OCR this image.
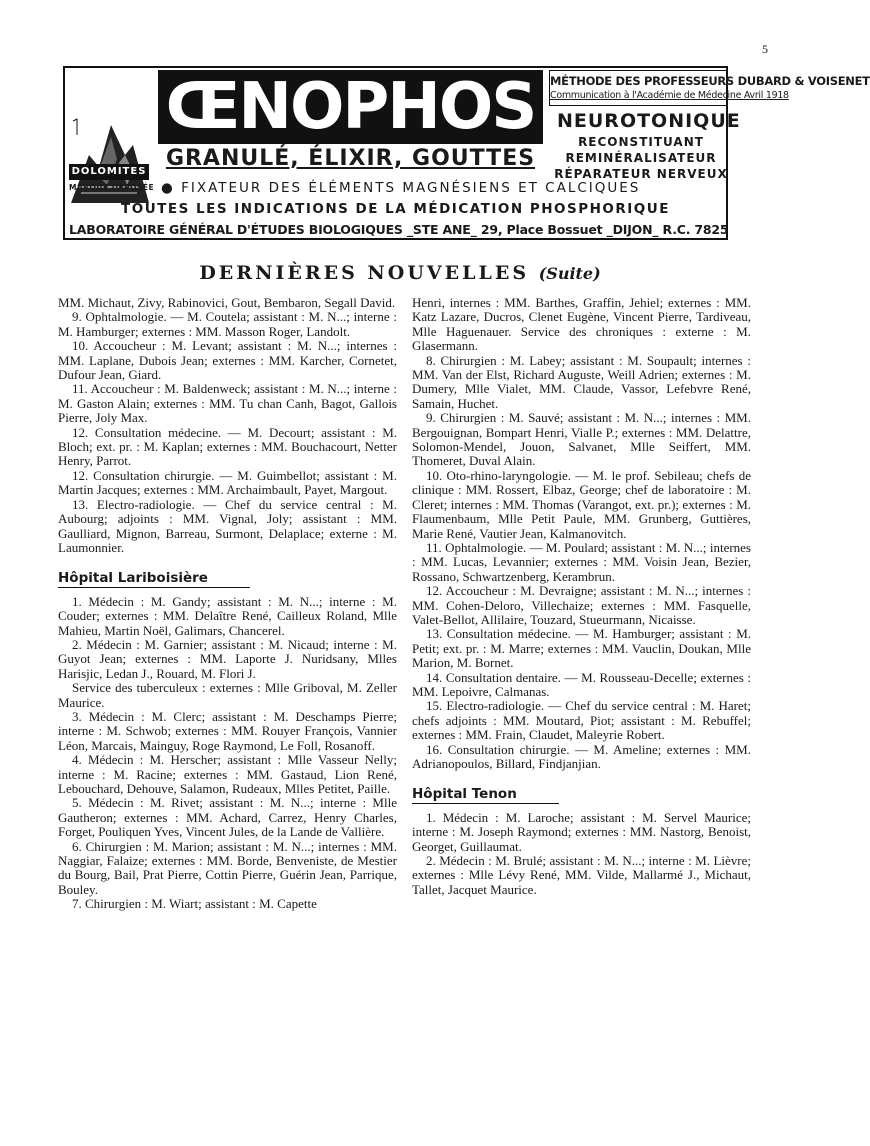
5
DOLOMITES
MARQUE DÉPOSÉE
ŒNOPHOS	MÉTHODE DES PROFESSEURS DUBARD & VOISENET
Communication à l'Académie de Médecine Avril 1918
NEUROTONIQUE
RECONSTITUANT
REMINÉRALISATEUR
RÉPARATEUR NERVEUX
GRANULÉ, ÉLIXIR, GOUTTES
● FIXATEUR DES ÉLÉMENTS MAGNÉSIENS ET CALCIQUES
TOUTES LES INDICATIONS DE LA MÉDICATION PHOSPHORIQUE
LABORATOIRE GÉNÉRAL D'ÉTUDES BIOLOGIQUES _STE ANE_ 29, Place Bossuet _DIJON_ R.C. 7825
DERNIÈRES NOUVELLES (Suite)

MM. Michaut, Zivy, Rabinovici, Gout, Bembaron, Segall David.

9. Ophtalmologie. — M. Coutela; assistant : M. N...; interne : M. Hamburger; externes : MM. Masson Roger, Landolt.

10. Accoucheur : M. Levant; assistant : M. N...; internes : MM. Laplane, Dubois Jean; externes : MM. Karcher, Cornetet, Dufour Jean, Giard.

11. Accoucheur : M. Baldenweck; assistant : M. N...; interne : M. Gaston Alain; externes : MM. Tu chan Canh, Bagot, Gallois Pierre, Joly Max.

12. Consultation médecine. — M. Decourt; assistant : M. Bloch; ext. pr. : M. Kaplan; externes : MM. Bouchacourt, Netter Henry, Parrot.

12. Consultation chirurgie. — M. Guimbellot; assistant : M. Martin Jacques; externes : MM. Archaimbault, Payet, Margout.

13. Electro-radiologie. — Chef du service central : M. Aubourg; adjoints : MM. Vignal, Joly; assistant : MM. Gaulliard, Mignon, Barreau, Surmont, Delaplace; externe : M. Laumonnier.

Hôpital Lariboisière

1. Médecin : M. Gandy; assistant : M. N...; interne : M. Couder; externes : MM. Delaître René, Cailleux Roland, Mlle Mahieu, Martin Noël, Galimars, Chancerel.

2. Médecin : M. Garnier; assistant : M. Nicaud; interne : M. Guyot Jean; externes : MM. Laporte J. Nuridsany, Mlles Harisjic, Ledan J., Rouard, M. Flori J.

Service des tuberculeux : externes : Mlle Griboval, M. Zeller Maurice.

3. Médecin : M. Clerc; assistant : M. Deschamps Pierre; interne : M. Schwob; externes : MM. Rouyer François, Vannier Léon, Marcais, Mainguy, Roge Raymond, Le Foll, Rosanoff.

4. Médecin : M. Herscher; assistant : Mlle Vasseur Nelly; interne : M. Racine; externes : MM. Gastaud, Lion René, Lebouchard, Dehouve, Salamon, Rudeaux, Mlles Petitet, Paille.

5. Médecin : M. Rivet; assistant : M. N...; interne : Mlle Gautheron; externes : MM. Achard, Carrez, Henry Charles, Forget, Pouliquen Yves, Vincent Jules, de la Lande de Vallière.

6. Chirurgien : M. Marion; assistant : M. N...; internes : MM. Naggiar, Falaize; externes : MM. Borde, Benveniste, de Mestier du Bourg, Bail, Prat Pierre, Cottin Pierre, Guérin Jean, Parrique, Bouley.

7. Chirurgien : M. Wiart; assistant : M. Capette

Henri, internes : MM. Barthes, Graffin, Jehiel; externes : MM. Katz Lazare, Ducros, Clenet Eugène, Vincent Pierre, Tardiveau, Mlle Haguenauer. Service des chroniques : externe : M. Glasermann.

8. Chirurgien : M. Labey; assistant : M. Soupault; internes : MM. Van der Elst, Richard Auguste, Weill Adrien; externes : M. Dumery, Mlle Vialet, MM. Claude, Vassor, Lefebvre René, Samain, Huchet.

9. Chirurgien : M. Sauvé; assistant : M. N...; internes : MM. Bergouignan, Bompart Henri, Vialle P.; externes : MM. Delattre, Solomon-Mendel, Jouon, Salvanet, Mlle Seiffert, MM. Thomeret, Duval Alain.

10. Oto-rhino-laryngologie. — M. le prof. Sebileau; chefs de clinique : MM. Rossert, Elbaz, George; chef de laboratoire : M. Cleret; internes : MM. Thomas (Varangot, ext. pr.); externes : M. Flaumenbaum, Mlle Petit Paule, MM. Grunberg, Guttières, Marie René, Vautier Jean, Kalmanovitch.

11. Ophtalmologie. — M. Poulard; assistant : M. N...; internes : MM. Lucas, Levannier; externes : MM. Voisin Jean, Bezier, Rossano, Schwartzenberg, Kerambrun.

12. Accoucheur : M. Devraigne; assistant : M. N...; internes : MM. Cohen-Deloro, Villechaize; externes : MM. Fasquelle, Valet-Bellot, Allilaire, Touzard, Stueurmann, Nicaisse.

13. Consultation médecine. — M. Hamburger; assistant : M. Petit; ext. pr. : M. Marre; externes : MM. Vauclin, Doukan, Mlle Marion, M. Bornet.

14. Consultation dentaire. — M. Rousseau-Decelle; externes : MM. Lepoivre, Calmanas.

15. Electro-radiologie. — Chef du service central : M. Haret; chefs adjoints : MM. Moutard, Piot; assistant : M. Rebuffel; externes : MM. Frain, Claudet, Maleyrie Robert.

16. Consultation chirurgie. — M. Ameline; externes : MM. Adrianopoulos, Billard, Findjanjian.

Hôpital Tenon

1. Médecin : M. Laroche; assistant : M. Servel Maurice; interne : M. Joseph Raymond; externes : MM. Nastorg, Benoist, Georget, Guillaumat.

2. Médecin : M. Brulé; assistant : M. N...; interne : M. Lièvre; externes : Mlle Lévy René, MM. Vilde, Mallarmé J., Michaut, Tallet, Jacquet Maurice.
